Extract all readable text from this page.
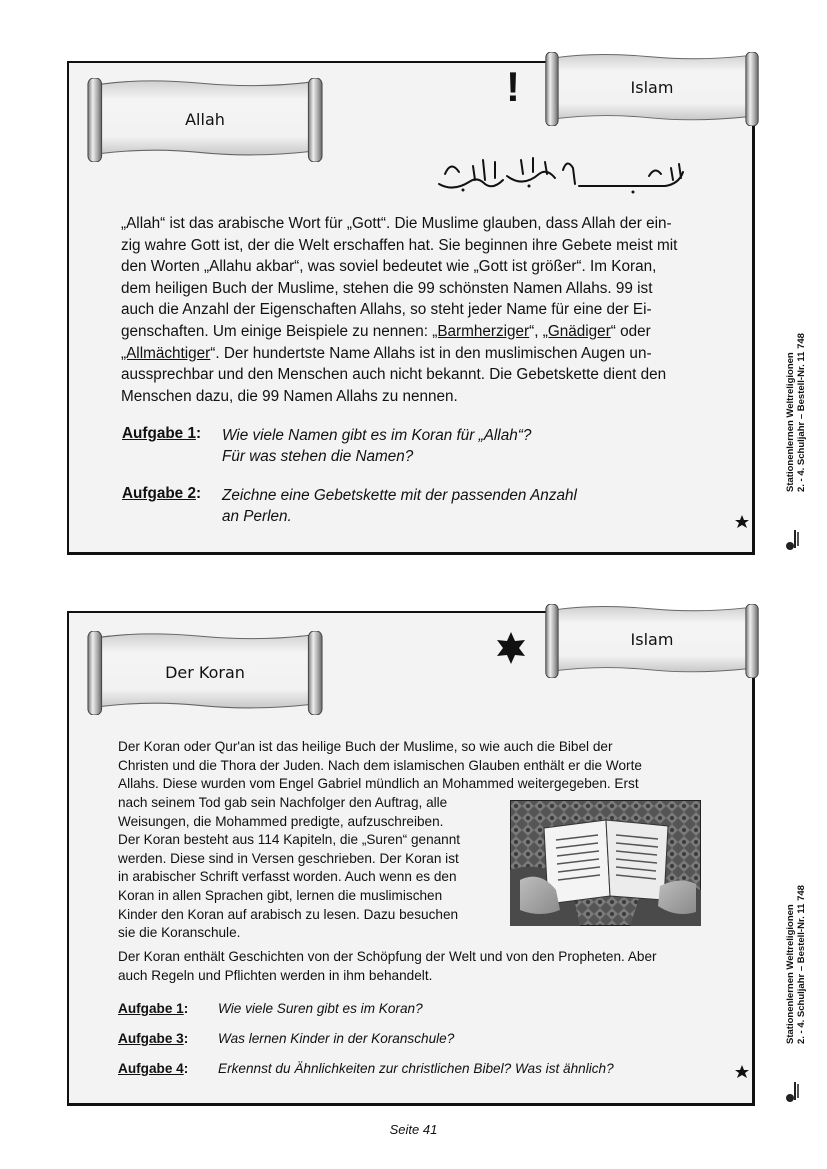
Allah
Islam
!
„Allah“ ist das arabische Wort für „Gott“. Die Muslime glauben, dass Allah der ein-
zig wahre Gott ist, der die Welt erschaffen hat. Sie beginnen ihre Gebete meist mit
den Worten „Allahu akbar“, was soviel bedeutet wie „Gott ist größer“. Im Koran,
dem heiligen Buch der Muslime, stehen die 99 schönsten Namen Allahs. 99 ist
auch die Anzahl der Eigenschaften Allahs, so steht jeder Name für eine der Ei-
genschaften. Um einige Beispiele zu nennen: „Barmherziger“, „Gnädiger“ oder
„Allmächtiger“. Der hundertste Name Allahs ist in den muslimischen Augen un-
aussprechbar und den Menschen auch nicht bekannt. Die Gebetskette dient den
Menschen dazu, die 99 Namen Allahs zu nennen.
Aufgabe 1: Wie viele Namen gibt es im Koran für „Allah“?
Für was stehen die Namen?
Aufgabe 2: Zeichne eine Gebetskette mit der passenden Anzahl
an Perlen.
Der Koran
Islam
Der Koran oder Qur'an ist das heilige Buch der Muslime, so wie auch die Bibel der
Christen und die Thora der Juden. Nach dem islamischen Glauben enthält er die Worte
Allahs. Diese wurden vom Engel Gabriel mündlich an Mohammed weitergegeben. Erst
nach seinem Tod gab sein Nachfolger den Auftrag, alle
Weisungen, die Mohammed predigte, aufzuschreiben.
Der Koran besteht aus 114 Kapiteln, die „Suren“ genannt
werden. Diese sind in Versen geschrieben. Der Koran ist
in arabischer Schrift verfasst worden. Auch wenn es den
Koran in allen Sprachen gibt, lernen die muslimischen
Kinder den Koran auf arabisch zu lesen. Dazu besuchen
sie die Koranschule.
Der Koran enthält Geschichten von der Schöpfung der Welt und von den Propheten. Aber
auch Regeln und Pflichten werden in ihm behandelt.
Aufgabe 1: Wie viele Suren gibt es im Koran?
Aufgabe 3: Was lernen Kinder in der Koranschule?
Aufgabe 4: Erkennst du Ähnlichkeiten zur christlichen Bibel? Was ist ähnlich?
Stationenlernen Weltreligionen 2. - 4. Schuljahr – Bestell-Nr. 11 748
Stationenlernen Weltreligionen 2. - 4. Schuljahr – Bestell-Nr. 11 748
Seite 41
